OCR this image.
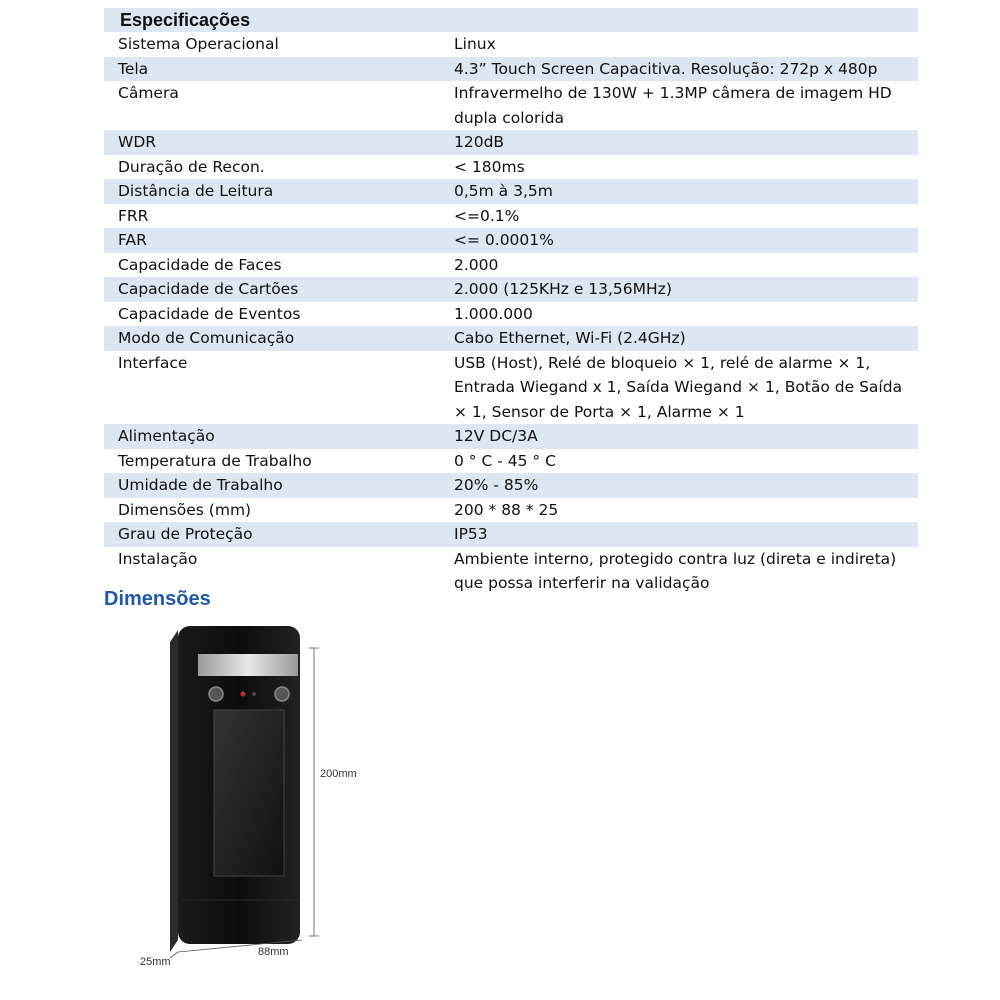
Especificações	
Sistema Operacional	Linux
Tela	4.3” Touch Screen Capacitiva. Resolução: 272p x 480p
Câmera	Infravermelho de 130W + 1.3MP câmera de imagem HD dupla colorida
WDR	120dB
Duração de Recon.	< 180ms
Distância de Leitura	0,5m à 3,5m
FRR	<=0.1%
FAR	<= 0.0001%
Capacidade de Faces	2.000
Capacidade de Cartões	2.000 (125KHz e 13,56MHz)
Capacidade de Eventos	1.000.000
Modo de Comunicação	Cabo Ethernet, Wi-Fi (2.4GHz)
Interface	USB (Host), Relé de bloqueio × 1, relé de alarme × 1, Entrada Wiegand x 1, Saída Wiegand × 1, Botão de Saída × 1, Sensor de Porta × 1, Alarme × 1
Alimentação	12V DC/3A
Temperatura de Trabalho	0 ° C - 45 ° C
Umidade de Trabalho	20% - 85%
Dimensões (mm)	200 * 88 * 25
Grau de Proteção	IP53
Instalação	Ambiente interno, protegido contra luz (direta e indireta) que possa interferir na validação
Dimensões
200mm
88mm
25mm
